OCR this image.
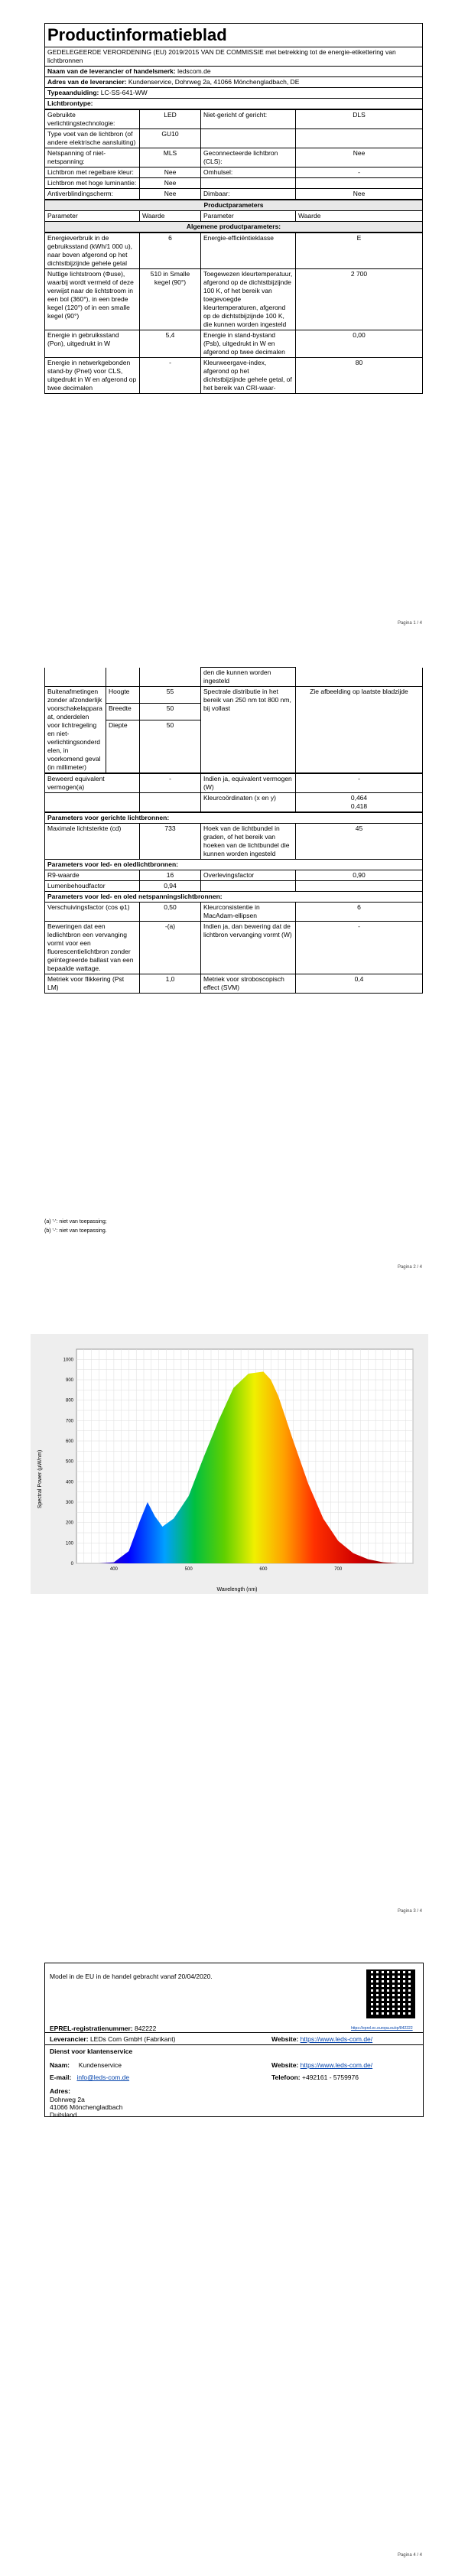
Productinformatieblad
GEDELEGEERDE VERORDENING (EU) 2019/2015 VAN DE COMMISSIE met betrekking tot de energie-etikettering van lichtbronnen
Naam van de leverancier of handelsmerk: ledscom.de
Adres van de leverancier: Kundenservice, Dohrweg 2a, 41066 Mönchengladbach, DE
Typeaanduiding: LC-SS-641-WW
Lichtbrontype:
Gebruikte verlichtingstechnologie:	LED	Niet-gericht of gericht:	DLS
Type voet van de lichtbron (of andere elektrische aansluiting)	GU10		
Netspanning of niet-netspanning:	MLS	Geconnecteerde lichtbron (CLS):	Nee
Lichtbron met regelbare kleur:	Nee	Omhulsel:	-
Lichtbron met hoge luminantie:	Nee		
Antiverblindingscherm:	Nee	Dimbaar:	Nee
Productparameters
Parameter	Waarde	Parameter	Waarde
Algemene productparameters:
Energieverbruik in de gebruiksstand (kWh/1 000 u), naar boven afgerond op het dichtstbijzijnde gehele getal	6	Energie-efficiëntieklasse	E
Nuttige lichtstroom (Φuse), waarbij wordt vermeld of deze verwijst naar de lichtstroom in een bol (360°), in een brede kegel (120°) of in een smalle kegel (90°)	510 in Smalle kegel (90°)	Toegewezen kleurtemperatuur, afgerond op de dichtstbijzijnde 100 K, of het bereik van toegevoegde kleurtemperaturen, afgerond op de dichtstbijzijnde 100 K, die kunnen worden ingesteld	2 700
Energie in gebruiksstand (Pon), uitgedrukt in W	5,4	Energie in stand-bystand (Psb), uitgedrukt in W en afgerond op twee decimalen	0,00
Energie in netwerkgebonden stand-by (Pnet) voor CLS, uitgedrukt in W en afgerond op twee decimalen	-	Kleurweergave-index, afgerond op het dichtstbijzijnde gehele getal, of het bereik van CRI-waar-	80
Pagina 1 / 4
			den die kunnen worden ingesteld	
Buitenafmetingen zonder afzonderlijk voorschakelapparaat, onderdelen voor lichtregeling en niet-verlichtingsonderdelen, in voorkomend geval (in millimeter)	Hoogte	55	Spectrale distributie in het bereik van 250 nm tot 800 nm, bij vollast	Zie afbeelding op laatste bladzijde
	Breedte	50		
	Diepte	50		
Beweerd equivalent vermogen(a)	-	Indien ja, equivalent vermogen (W)	-
		Kleurcoördinaten (x en y)	0,464
0,418
Parameters voor gerichte lichtbronnen:			
Maximale lichtsterkte (cd)	733	Hoek van de lichtbundel in graden, of het bereik van hoeken van de lichtbundel die kunnen worden ingesteld	45
Parameters voor led- en oledlichtbronnen:			
R9-waarde	16	Overlevingsfactor	0,90
Lumenbehoudfactor	0,94		
Parameters voor led- en oled netspanningslichtbronnen:			
Verschuivingsfactor (cos φ1)	0,50	Kleurconsistentie in MacAdam-ellipsen	6
Beweringen dat een ledlichtbron een vervanging vormt voor een fluorescentielichtbron zonder geïntegreerde ballast van een bepaalde wattage.	-(a)	Indien ja, dan bewering dat de lichtbron vervanging vormt (W)	-
Metriek voor flikkering (Pst LM)	1,0	Metriek voor stroboscopisch effect (SVM)	0,4
(a) '-': niet van toepassing;
(b) '-': niet van toepassing.
Pagina 2 / 4
0
100
200
300
400
500
600
700
800
900
1000
400	500	600	700
Spectral Power (µW/nm)
Wavelength (nm)
Pagina 3 / 4
Model in de EU in de handel gebracht vanaf 20/04/2020.
https://eprel.ec.europa.eu/qr/842222
EPREL-registratienummer: 842222
Leverancier: LEDs Com GmbH (Fabrikant)	Website: https://www.leds-com.de/
Dienst voor klantenservice
Naam: Kundenservice	Website: https://www.leds-com.de/
E-mail: info@leds-com.de	Telefoon: +492161 - 5759976
Adres:
Dohrweg 2a
41066 Mönchengladbach
Duitsland
Pagina 4 / 4
